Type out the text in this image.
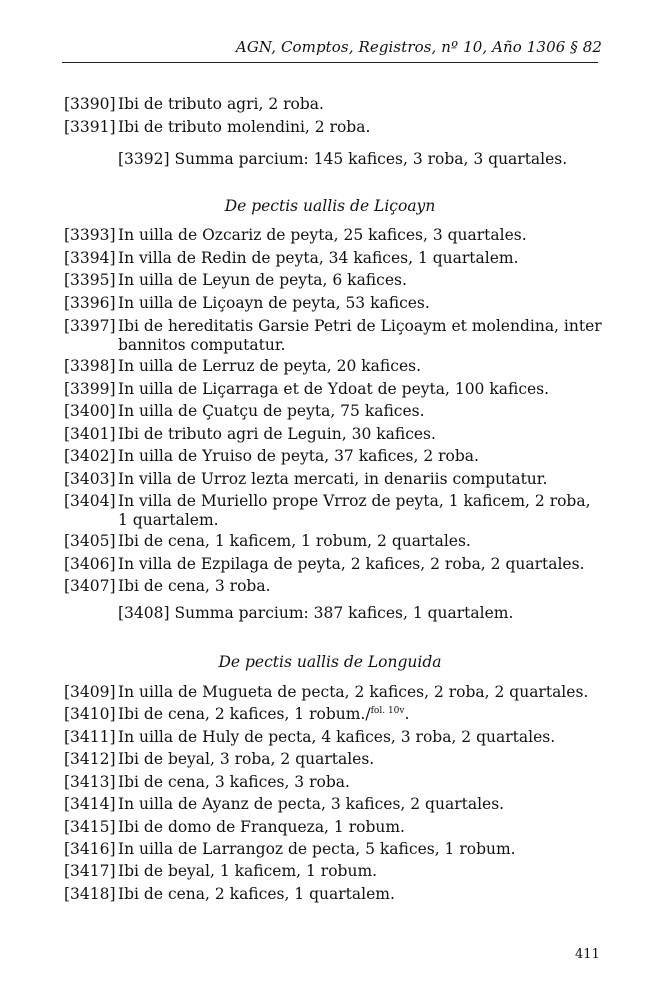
AGN, Comptos, Registros, nº 10, Año 1306 § 82
[3390] Ibi de tributo agri, 2 roba.
[3391] Ibi de tributo molendini, 2 roba.
[3392] Summa parcium: 145 kafices, 3 roba, 3 quartales.
De pectis uallis de Liçoayn
[3393] In uilla de Ozcariz de peyta, 25 kafices, 3 quartales.
[3394] In villa de Redin de peyta, 34 kafices, 1 quartalem.
[3395] In uilla de Leyun de peyta, 6 kafices.
[3396] In uilla de Liçoayn de peyta, 53 kafices.
[3397] Ibi de hereditatis Garsie Petri de Liçoaym et molendina, inter bannitos computatur.
[3398] In uilla de Lerruz de peyta, 20 kafices.
[3399] In uilla de Liçarraga et de Ydoat de peyta, 100 kafices.
[3400] In uilla de Çuatçu de peyta, 75 kafices.
[3401] Ibi de tributo agri de Leguin, 30 kafices.
[3402] In uilla de Yruiso de peyta, 37 kafices, 2 roba.
[3403] In villa de Urroz lezta mercati, in denariis computatur.
[3404] In villa de Muriello prope Vrroz de peyta, 1 kaficem, 2 roba, 1 quartalem.
[3405] Ibi de cena, 1 kaficem, 1 robum, 2 quartales.
[3406] In villa de Ezpilaga de peyta, 2 kafices, 2 roba, 2 quartales.
[3407] Ibi de cena, 3 roba.
[3408] Summa parcium: 387 kafices, 1 quartalem.
De pectis uallis de Longuida
[3409] In uilla de Mugueta de pecta, 2 kafices, 2 roba, 2 quartales.
[3410] Ibi de cena, 2 kafices, 1 robum./$^{fol. 10v}$.
[3411] In uilla de Huly de pecta, 4 kafices, 3 roba, 2 quartales.
[3412] Ibi de beyal, 3 roba, 2 quartales.
[3413] Ibi de cena, 3 kafices, 3 roba.
[3414] In uilla de Ayanz de pecta, 3 kafices, 2 quartales.
[3415] Ibi de domo de Franqueza, 1 robum.
[3416] In uilla de Larrangoz de pecta, 5 kafices, 1 robum.
[3417] Ibi de beyal, 1 kaficem, 1 robum.
[3418] Ibi de cena, 2 kafices, 1 quartalem.
411
